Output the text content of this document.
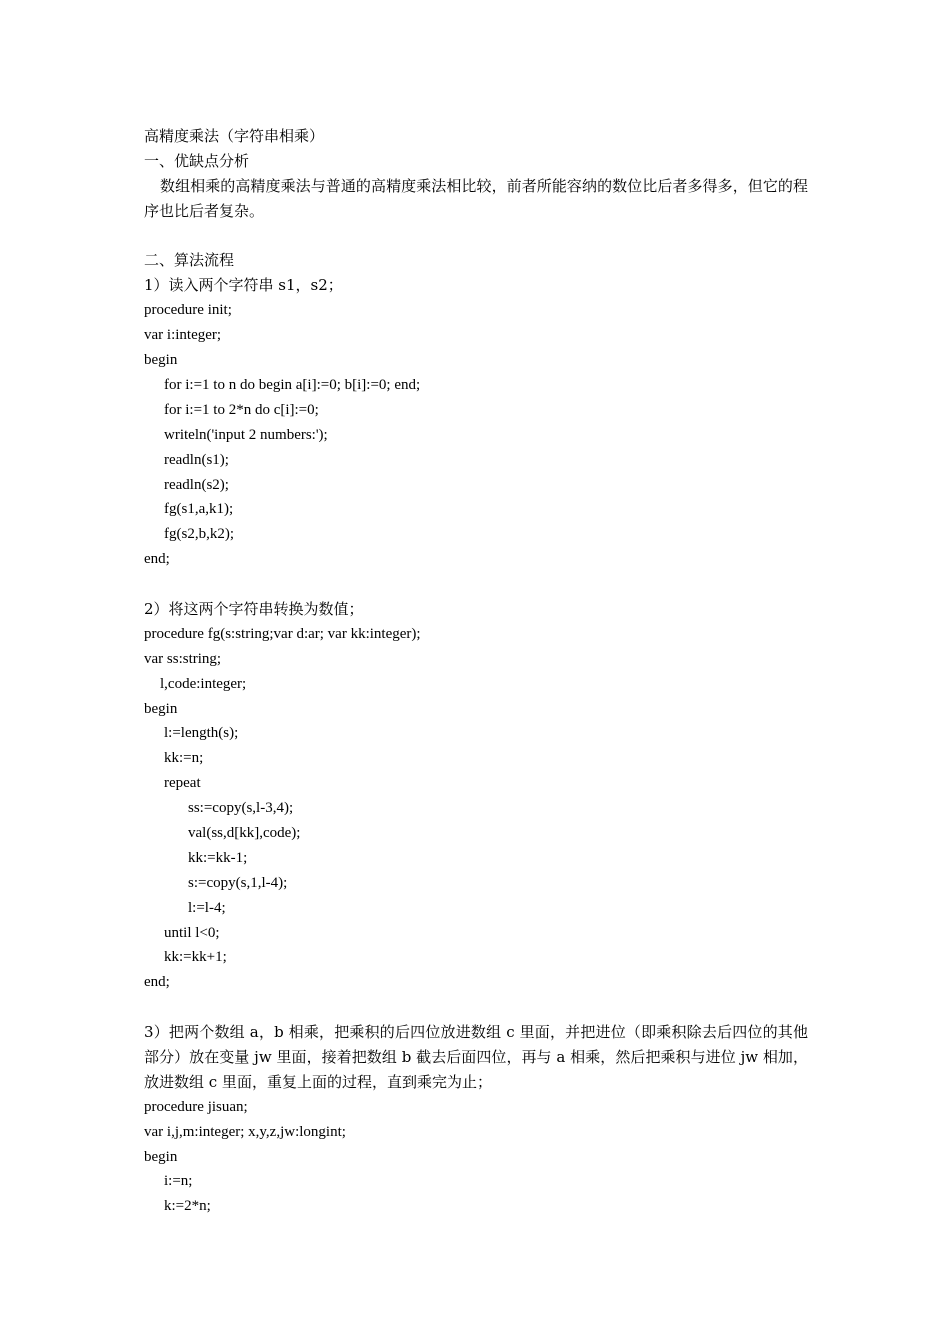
高精度乘法（字符串相乘）
一、优缺点分析
数组相乘的高精度乘法与普通的高精度乘法相比较，前者所能容纳的数位比后者多得多，但它的程序也比后者复杂。
二、算法流程
1）读入两个字符串 s1，s2；
procedure init;
var i:integer;
begin
for i:=1 to n do begin a[i]:=0; b[i]:=0; end;
for i:=1 to 2*n do c[i]:=0;
writeln('input 2 numbers:');
readln(s1);
readln(s2);
fg(s1,a,k1);
fg(s2,b,k2);
end;
2）将这两个字符串转换为数值；
procedure fg(s:string;var d:ar; var kk:integer);
var ss:string;
l,code:integer;
begin
l:=length(s);
kk:=n;
repeat
ss:=copy(s,l-3,4);
val(ss,d[kk],code);
kk:=kk-1;
s:=copy(s,1,l-4);
l:=l-4;
until l<0;
kk:=kk+1;
end;
3）把两个数组 a，b 相乘，把乘积的后四位放进数组 c 里面，并把进位（即乘积除去后四位的其他部分）放在变量 jw 里面，接着把数组 b 截去后面四位，再与 a 相乘，然后把乘积与进位 jw 相加，放进数组 c 里面，重复上面的过程，直到乘完为止；
procedure jisuan;
var i,j,m:integer; x,y,z,jw:longint;
begin
i:=n;
k:=2*n;
